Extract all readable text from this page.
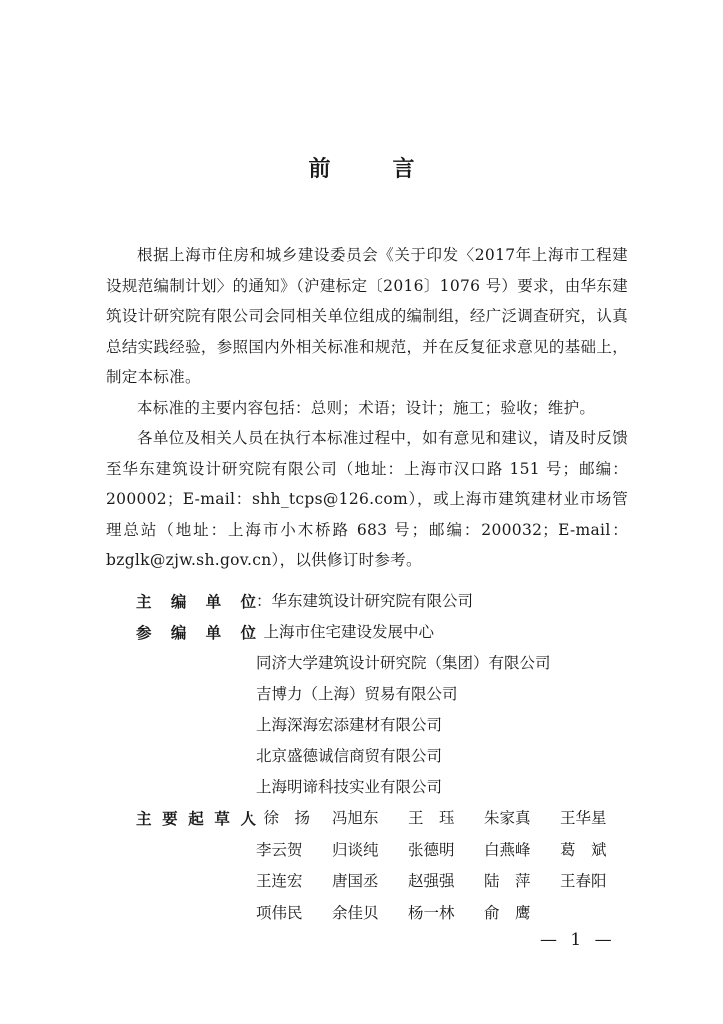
前　言

根据上海市住房和城乡建设委员会《关于印发〈2017年上海市工程建设规范编制计划〉的通知》（沪建标定〔2016〕1076 号）要求，由华东建筑设计研究院有限公司会同相关单位组成的编制组，经广泛调查研究，认真总结实践经验，参照国内外相关标准和规范，并在反复征求意见的基础上，制定本标准。

本标准的主要内容包括：总则；术语；设计；施工；验收；维护。

各单位及相关人员在执行本标准过程中，如有意见和建议，请及时反馈至华东建筑设计研究院有限公司（地址：上海市汉口路 151 号；邮编：200002；E-mail：shh_tcps@126.com），或上海市建筑建材业市场管理总站（地址：上海市小木桥路 683 号；邮编：200032；E-mail：bzglk@zjw.sh.gov.cn），以供修订时参考。

主编单位 ：华东建筑设计研究院有限公司
参编单位
：上海市住宅建设发展中心
同济大学建筑设计研究院（集团）有限公司
吉博力（上海）贸易有限公司
上海深海宏添建材有限公司
北京盛德诚信商贸有限公司
上海明谛科技实业有限公司
主要起草人
：徐　扬	冯旭东	王　珏	朱家真	王华星
李云贺	归谈纯	张德明	白燕峰	葛　斌
王连宏	唐国丞	赵强强	陆　萍	王春阳
项伟民	余佳贝	杨一林	俞　鹰
— 1 —
